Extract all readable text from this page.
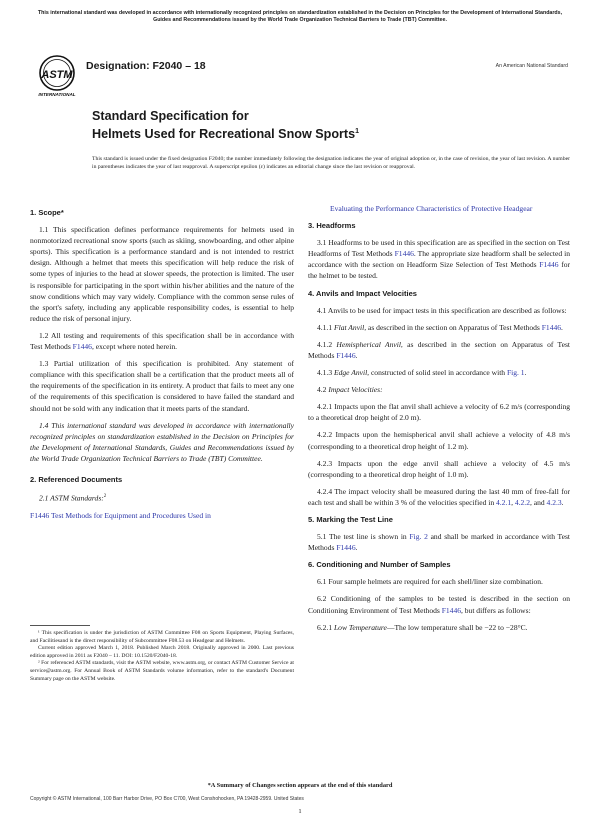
This international standard was developed in accordance with internationally recognized principles on standardization established in the Decision on Principles for the Development of International Standards, Guides and Recommendations issued by the World Trade Organization Technical Barriers to Trade (TBT) Committee.
ASTM
INTERNATIONAL
Designation: F2040 – 18	An American National Standard
Standard Specification for
Helmets Used for Recreational Snow Sports$^1$
This standard is issued under the fixed designation F2040; the number immediately following the designation indicates the year of original adoption or, in the case of revision, the year of last revision. A number in parentheses indicates the year of last reapproval. A superscript epsilon (ε) indicates an editorial change since the last revision or reapproval.
1. Scope*

1.1 This specification defines performance requirements for helmets used in nonmotorized recreational snow sports (such as skiing, snowboarding, and other alpine sports). This specification is a performance standard and is not intended to restrict design. Although a helmet that meets this specification will help reduce the risk of some types of injuries to the head at slower speeds, the protection is limited. The user is responsible for participating in the sport within his/her abilities and the nature of the snow conditions which may vary widely. Compliance with the common sense rules of the sport's safety, including any applicable responsibility codes, is essential to help reduce the risk of personal injury.

1.2 All testing and requirements of this specification shall be in accordance with Test Methods F1446, except where noted herein.

1.3 Partial utilization of this specification is prohibited. Any statement of compliance with this specification shall be a certification that the product meets all of the requirements of the specification in its entirety. A product that fails to meet any one of the requirements of this specification is considered to have failed the standard and should not be sold with any indication that it meets parts of the standard.

1.4 This international standard was developed in accordance with internationally recognized principles on standardization established in the Decision on Principles for the Development of International Standards, Guides and Recommendations issued by the World Trade Organization Technical Barriers to Trade (TBT) Committee.

2. Referenced Documents

2.1 ASTM Standards:$^2$

F1446 Test Methods for Equipment and Procedures Used in

¹ This specification is under the jurisdiction of ASTM Committee F08 on Sports Equipment, Playing Surfaces, and Facilitiesand is the direct responsibility of Subcommittee F08.53 on Headgear and Helmets.

Current edition approved March 1, 2018. Published March 2018. Originally approved in 2000. Last previous edition approved in 2011 as F2040 – 11. DOI: 10.1520/F2040-18.

² For referenced ASTM standards, visit the ASTM website, www.astm.org, or contact ASTM Customer Service at service@astm.org. For Annual Book of ASTM Standards volume information, refer to the standard's Document Summary page on the ASTM website.

Evaluating the Performance Characteristics of Protective Headgear

3. Headforms

3.1 Headforms to be used in this specification are as specified in the section on Test Headforms of Test Methods F1446. The appropriate size headform shall be selected in accordance with the section on Headform Size Selection of Test Methods F1446 for the helmet to be tested.

4. Anvils and Impact Velocities

4.1 Anvils to be used for impact tests in this specification are described as follows:

4.1.1 Flat Anvil, as described in the section on Apparatus of Test Methods F1446.

4.1.2 Hemispherical Anvil, as described in the section on Apparatus of Test Methods F1446.

4.1.3 Edge Anvil, constructed of solid steel in accordance with Fig. 1.

4.2 Impact Velocities:

4.2.1 Impacts upon the flat anvil shall achieve a velocity of 6.2 m/s (corresponding to a theoretical drop height of 2.0 m).

4.2.2 Impacts upon the hemispherical anvil shall achieve a velocity of 4.8 m/s (corresponding to a theoretical drop height of 1.2 m).

4.2.3 Impacts upon the edge anvil shall achieve a velocity of 4.5 m/s (corresponding to a theoretical drop height of 1.0 m).

4.2.4 The impact velocity shall be measured during the last 40 mm of free-fall for each test and shall be within 3 % of the velocities specified in 4.2.1, 4.2.2, and 4.2.3.

5. Marking the Test Line

5.1 The test line is shown in Fig. 2 and shall be marked in accordance with Test Methods F1446.

6. Conditioning and Number of Samples

6.1 Four sample helmets are required for each shell/liner size combination.

6.2 Conditioning of the samples to be tested is described in the section on Conditioning Environment of Test Methods F1446, but differs as follows:

6.2.1 Low Temperature—The low temperature shall be −22 to −28°C.

*A Summary of Changes section appears at the end of this standard
Copyright © ASTM International, 100 Barr Harbor Drive, PO Box C700, West Conshohocken, PA 19428-2959. United States
1
